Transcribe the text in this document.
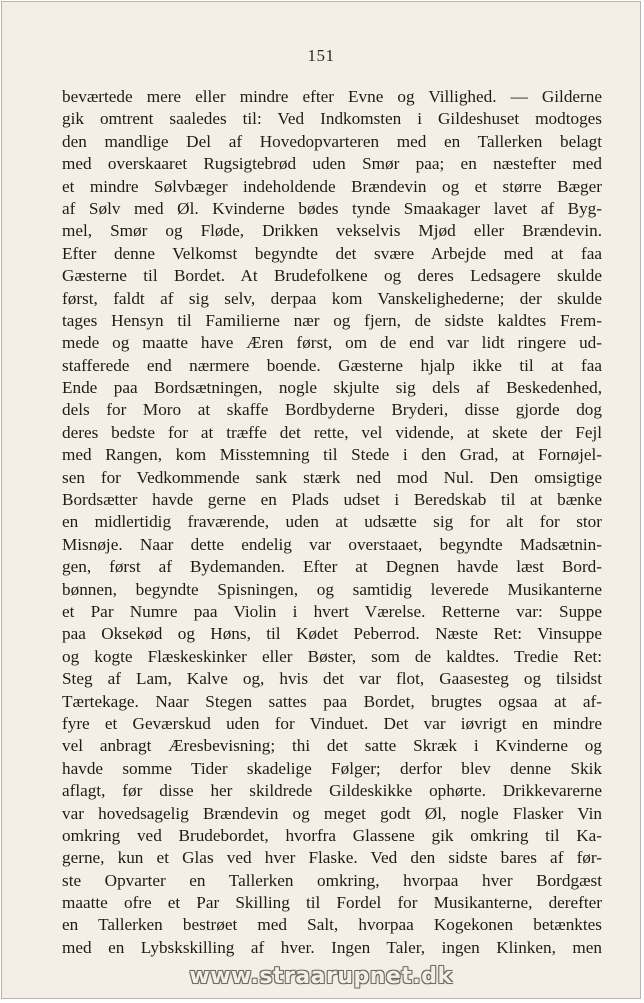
151
beværtede mere eller mindre efter Evne og Villighed. — Gilderne
gik omtrent saaledes til: Ved Indkomsten i Gildeshuset modtoges
den mandlige Del af Hovedopvarteren med en Tallerken belagt
med overskaaret Rugsigtebrød uden Smør paa; en næstefter med
et mindre Sølvbæger indeholdende Brændevin og et større Bæger
af Sølv med Øl. Kvinderne bødes tynde Smaakager lavet af Byg-
mel, Smør og Fløde, Drikken vekselvis Mjød eller Brændevin.
Efter denne Velkomst begyndte det svære Arbejde med at faa
Gæsterne til Bordet. At Brudefolkene og deres Ledsagere skulde
først, faldt af sig selv, derpaa kom Vanskelighederne; der skulde
tages Hensyn til Familierne nær og fjern, de sidste kaldtes Frem-
mede og maatte have Æren først, om de end var lidt ringere ud-
stafferede end nærmere boende. Gæsterne hjalp ikke til at faa
Ende paa Bordsætningen, nogle skjulte sig dels af Beskedenhed,
dels for Moro at skaffe Bordbyderne Bryderi, disse gjorde dog
deres bedste for at træffe det rette, vel vidende, at skete der Fejl
med Rangen, kom Misstemning til Stede i den Grad, at Fornøjel-
sen for Vedkommende sank stærk ned mod Nul. Den omsigtige
Bordsætter havde gerne en Plads udset i Beredskab til at bænke
en midlertidig fraværende, uden at udsætte sig for alt for stor
Misnøje. Naar dette endelig var overstaaet, begyndte Madsætnin-
gen, først af Bydemanden. Efter at Degnen havde læst Bord-
bønnen, begyndte Spisningen, og samtidig leverede Musikanterne
et Par Numre paa Violin i hvert Værelse. Retterne var: Suppe
paa Oksekød og Høns, til Kødet Peberrod. Næste Ret: Vinsuppe
og kogte Flæskeskinker eller Bøster, som de kaldtes. Tredie Ret:
Steg af Lam, Kalve og, hvis det var flot, Gaasesteg og tilsidst
Tærtekage. Naar Stegen sattes paa Bordet, brugtes ogsaa at af-
fyre et Geværskud uden for Vinduet. Det var iøvrigt en mindre
vel anbragt Æresbevisning; thi det satte Skræk i Kvinderne og
havde somme Tider skadelige Følger; derfor blev denne Skik
aflagt, før disse her skildrede Gildeskikke ophørte. Drikkevarerne
var hovedsagelig Brændevin og meget godt Øl, nogle Flasker Vin
omkring ved Brudebordet, hvorfra Glassene gik omkring til Ka-
gerne, kun et Glas ved hver Flaske. Ved den sidste bares af før-
ste Opvarter en Tallerken omkring, hvorpaa hver Bordgæst
maatte ofre et Par Skilling til Fordel for Musikanterne, derefter
en Tallerken bestrøet med Salt, hvorpaa Kogekonen betænktes
med en Lybskskilling af hver. Ingen Taler, ingen Klinken, men
www.straarupnet.dk
